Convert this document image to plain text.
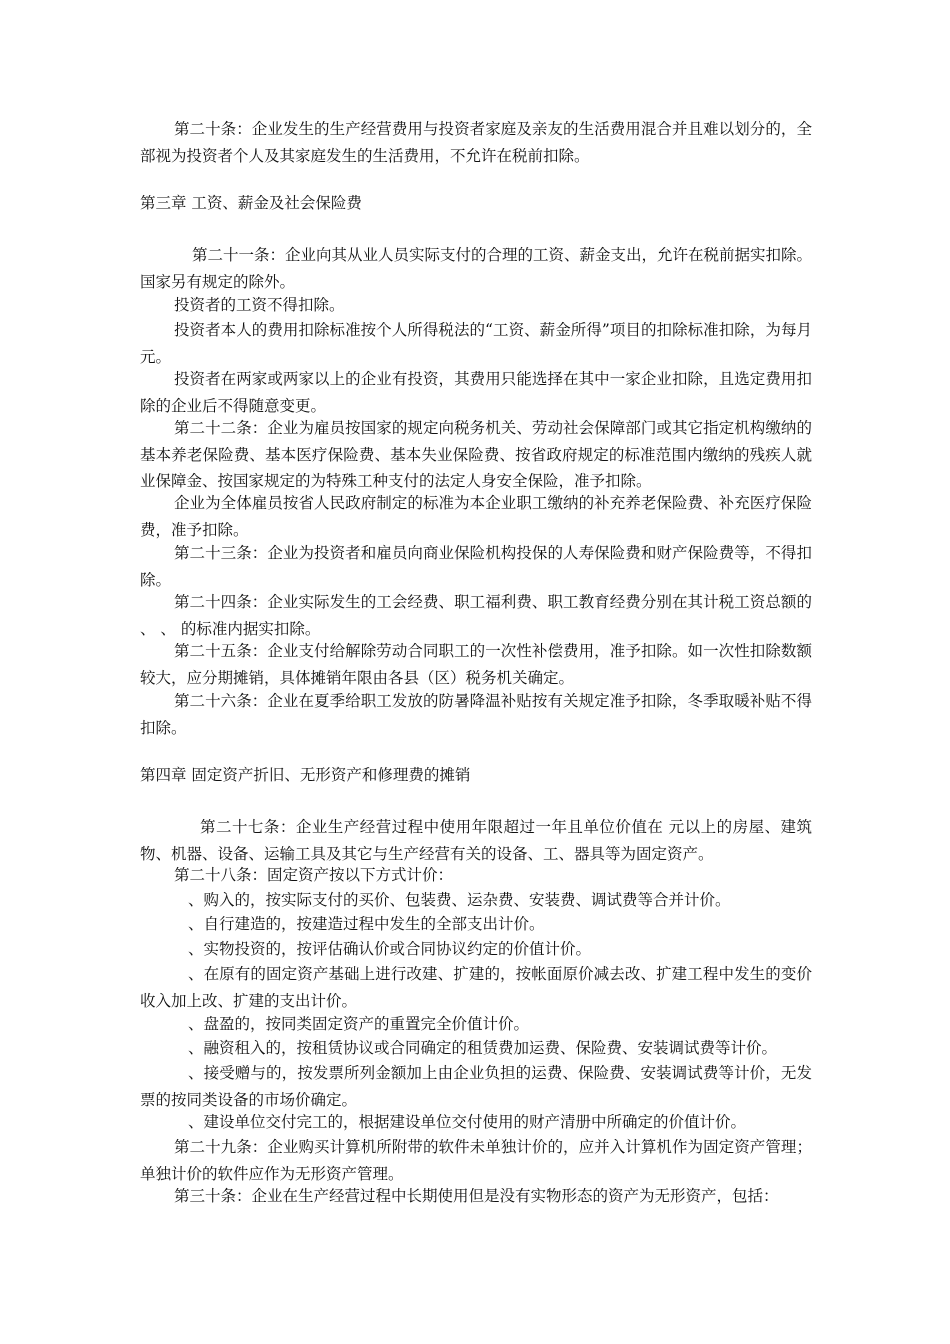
第二十条：企业发生的生产经营费用与投资者家庭及亲友的生活费用混合并且难以划分的，全部视为投资者个人及其家庭发生的生活费用，不允许在税前扣除。

第三章 工资、薪金及社会保险费

第二十一条：企业向其从业人员实际支付的合理的工资、薪金支出，允许在税前据实扣除。国家另有规定的除外。

投资者的工资不得扣除。

投资者本人的费用扣除标准按个人所得税法的“工资、薪金所得”项目的扣除标准扣除，为每月 元。

投资者在两家或两家以上的企业有投资，其费用只能选择在其中一家企业扣除，且选定费用扣除的企业后不得随意变更。

第二十二条：企业为雇员按国家的规定向税务机关、劳动社会保障部门或其它指定机构缴纳的基本养老保险费、基本医疗保险费、基本失业保险费、按省政府规定的标准范围内缴纳的残疾人就业保障金、按国家规定的为特殊工种支付的法定人身安全保险，准予扣除。

企业为全体雇员按省人民政府制定的标准为本企业职工缴纳的补充养老保险费、补充医疗保险费，准予扣除。

第二十三条：企业为投资者和雇员向商业保险机构投保的人寿保险费和财产保险费等，不得扣除。

第二十四条：企业实际发生的工会经费、职工福利费、职工教育经费分别在其计税工资总额的 、 、 的标准内据实扣除。

第二十五条：企业支付给解除劳动合同职工的一次性补偿费用，准予扣除。如一次性扣除数额较大，应分期摊销，具体摊销年限由各县（区）税务机关确定。

第二十六条：企业在夏季给职工发放的防暑降温补贴按有关规定准予扣除，冬季取暖补贴不得扣除。

第四章 固定资产折旧、无形资产和修理费的摊销

第二十七条：企业生产经营过程中使用年限超过一年且单位价值在 元以上的房屋、建筑物、机器、设备、运输工具及其它与生产经营有关的设备、工、器具等为固定资产。

第二十八条：固定资产按以下方式计价：

、购入的，按实际支付的买价、包装费、运杂费、安装费、调试费等合并计价。

、自行建造的，按建造过程中发生的全部支出计价。

、实物投资的，按评估确认价或合同协议约定的价值计价。

、在原有的固定资产基础上进行改建、扩建的，按帐面原价减去改、扩建工程中发生的变价收入加上改、扩建的支出计价。

、盘盈的，按同类固定资产的重置完全价值计价。

、融资租入的，按租赁协议或合同确定的租赁费加运费、保险费、安装调试费等计价。

、接受赠与的，按发票所列金额加上由企业负担的运费、保险费、安装调试费等计价，无发票的按同类设备的市场价确定。

、建设单位交付完工的，根据建设单位交付使用的财产清册中所确定的价值计价。

第二十九条：企业购买计算机所附带的软件未单独计价的，应并入计算机作为固定资产管理；单独计价的软件应作为无形资产管理。

第三十条：企业在生产经营过程中长期使用但是没有实物形态的资产为无形资产，包括：
